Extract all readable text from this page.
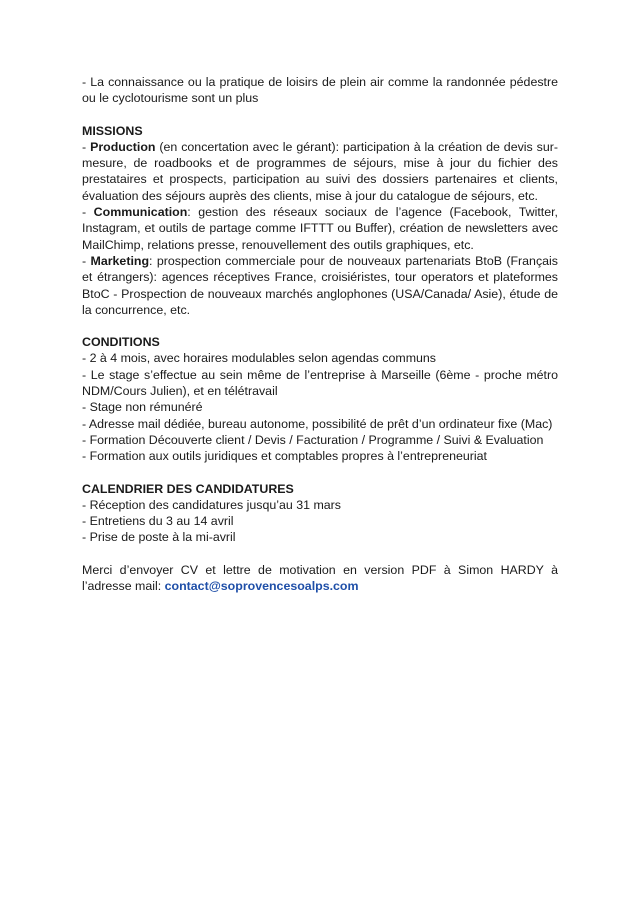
- La connaissance ou la pratique de loisirs de plein air comme la randonnée pédestre ou le cyclotourisme sont un plus

MISSIONS

- Production (en concertation avec le gérant): participation à la création de devis sur-mesure, de roadbooks et de programmes de séjours, mise à jour du fichier des prestataires et prospects, participation au suivi des dossiers partenaires et clients, évaluation des séjours auprès des clients, mise à jour du catalogue de séjours, etc.

- Communication: gestion des réseaux sociaux de l’agence (Facebook, Twitter, Instagram, et outils de partage comme IFTTT ou Buffer), création de newsletters avec MailChimp, relations presse, renouvellement des outils graphiques, etc.

- Marketing: prospection commerciale pour de nouveaux partenariats BtoB (Français et étrangers): agences réceptives France, croisiéristes, tour operators et plateformes BtoC - Prospection de nouveaux marchés anglophones (USA/Canada/ Asie), étude de la concurrence, etc.

CONDITIONS

- 2 à 4 mois, avec horaires modulables selon agendas communs

- Le stage s’effectue au sein même de l’entreprise à Marseille (6ème - proche métro NDM/Cours Julien), et en télétravail

- Stage non rémunéré

- Adresse mail dédiée, bureau autonome, possibilité de prêt d’un ordinateur fixe (Mac)

- Formation Découverte client / Devis / Facturation / Programme / Suivi & Evaluation

- Formation aux outils juridiques et comptables propres à l’entrepreneuriat

CALENDRIER DES CANDIDATURES

- Réception des candidatures jusqu’au 31 mars

- Entretiens du 3 au 14 avril

- Prise de poste à la mi-avril

Merci d’envoyer CV et lettre de motivation en version PDF à Simon HARDY à l’adresse mail: contact@soprovencesoalps.com
